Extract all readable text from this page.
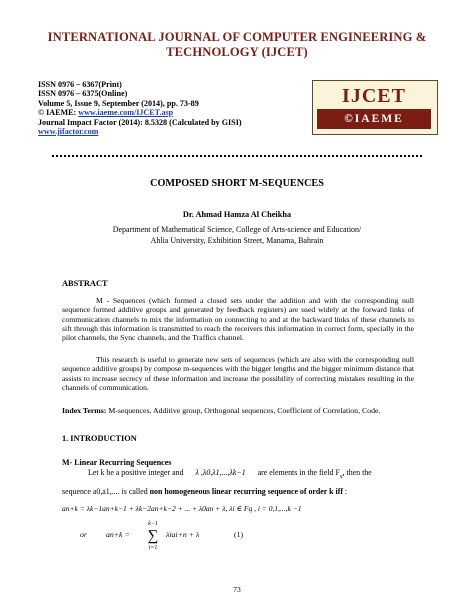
INTERNATIONAL JOURNAL OF COMPUTER ENGINEERING &
TECHNOLOGY (IJCET)
ISSN 0976 – 6367(Print)
ISSN 0976 – 6375(Online)
Volume 5, Issue 9, September (2014), pp. 73-89
© IAEME: www.iaeme.com/IJCET.asp
Journal Impact Factor (2014): 8.5328 (Calculated by GISI)
www.jifactor.com
IJCET
©IAEME
COMPOSED SHORT M-SEQUENCES
Dr. Ahmad Hamza Al Cheikha
Department of Mathematical Science, College of Arts-science and Education/
Ahlia University, Exhibition Street, Manama, Bahrain
ABSTRACT
M - Sequences (which formed a closed sets under the addition and with the corresponding null sequence formed additive groups and generated by feedback registers) are used widely at the forward links of communication channels to mix the information on connecting to and at the backward links of these channels to sift through this information is transmitted to reach the receivers this information in correct form, specially in the pilot channels, the Sync channels, and the Traffics channel.
This research is useful to generate new sets of sequences (which are also with the corresponding null sequence additive groups) by compose m-sequences with the bigger lengths and the bigger minimum distance that assists to increase secrecy of these information and increase the possibility of correcting mistakes resulting in the channels of communication.
Index Terms: M-sequences, Additive group, Orthogonal sequences, Coefficient of Correlation, Code.
1. INTRODUCTION
M- Linear Recurring Sequences
Let k be a positive integer and λ ,λ0,λ1,...,λk−1 are elements in the field $F_q$, then the
sequence a0,a1,.... is called non homogeneous linear recurring sequence of order k iff :
an+k = λk−1an+k−1 + λk−2an+k−2 + ... + λ0an + λ, λi ∈ Fq , i = 0,1,...,k −1
or an+k =
k−1
∑
i=1
λiai+n + λ	(1)
73
